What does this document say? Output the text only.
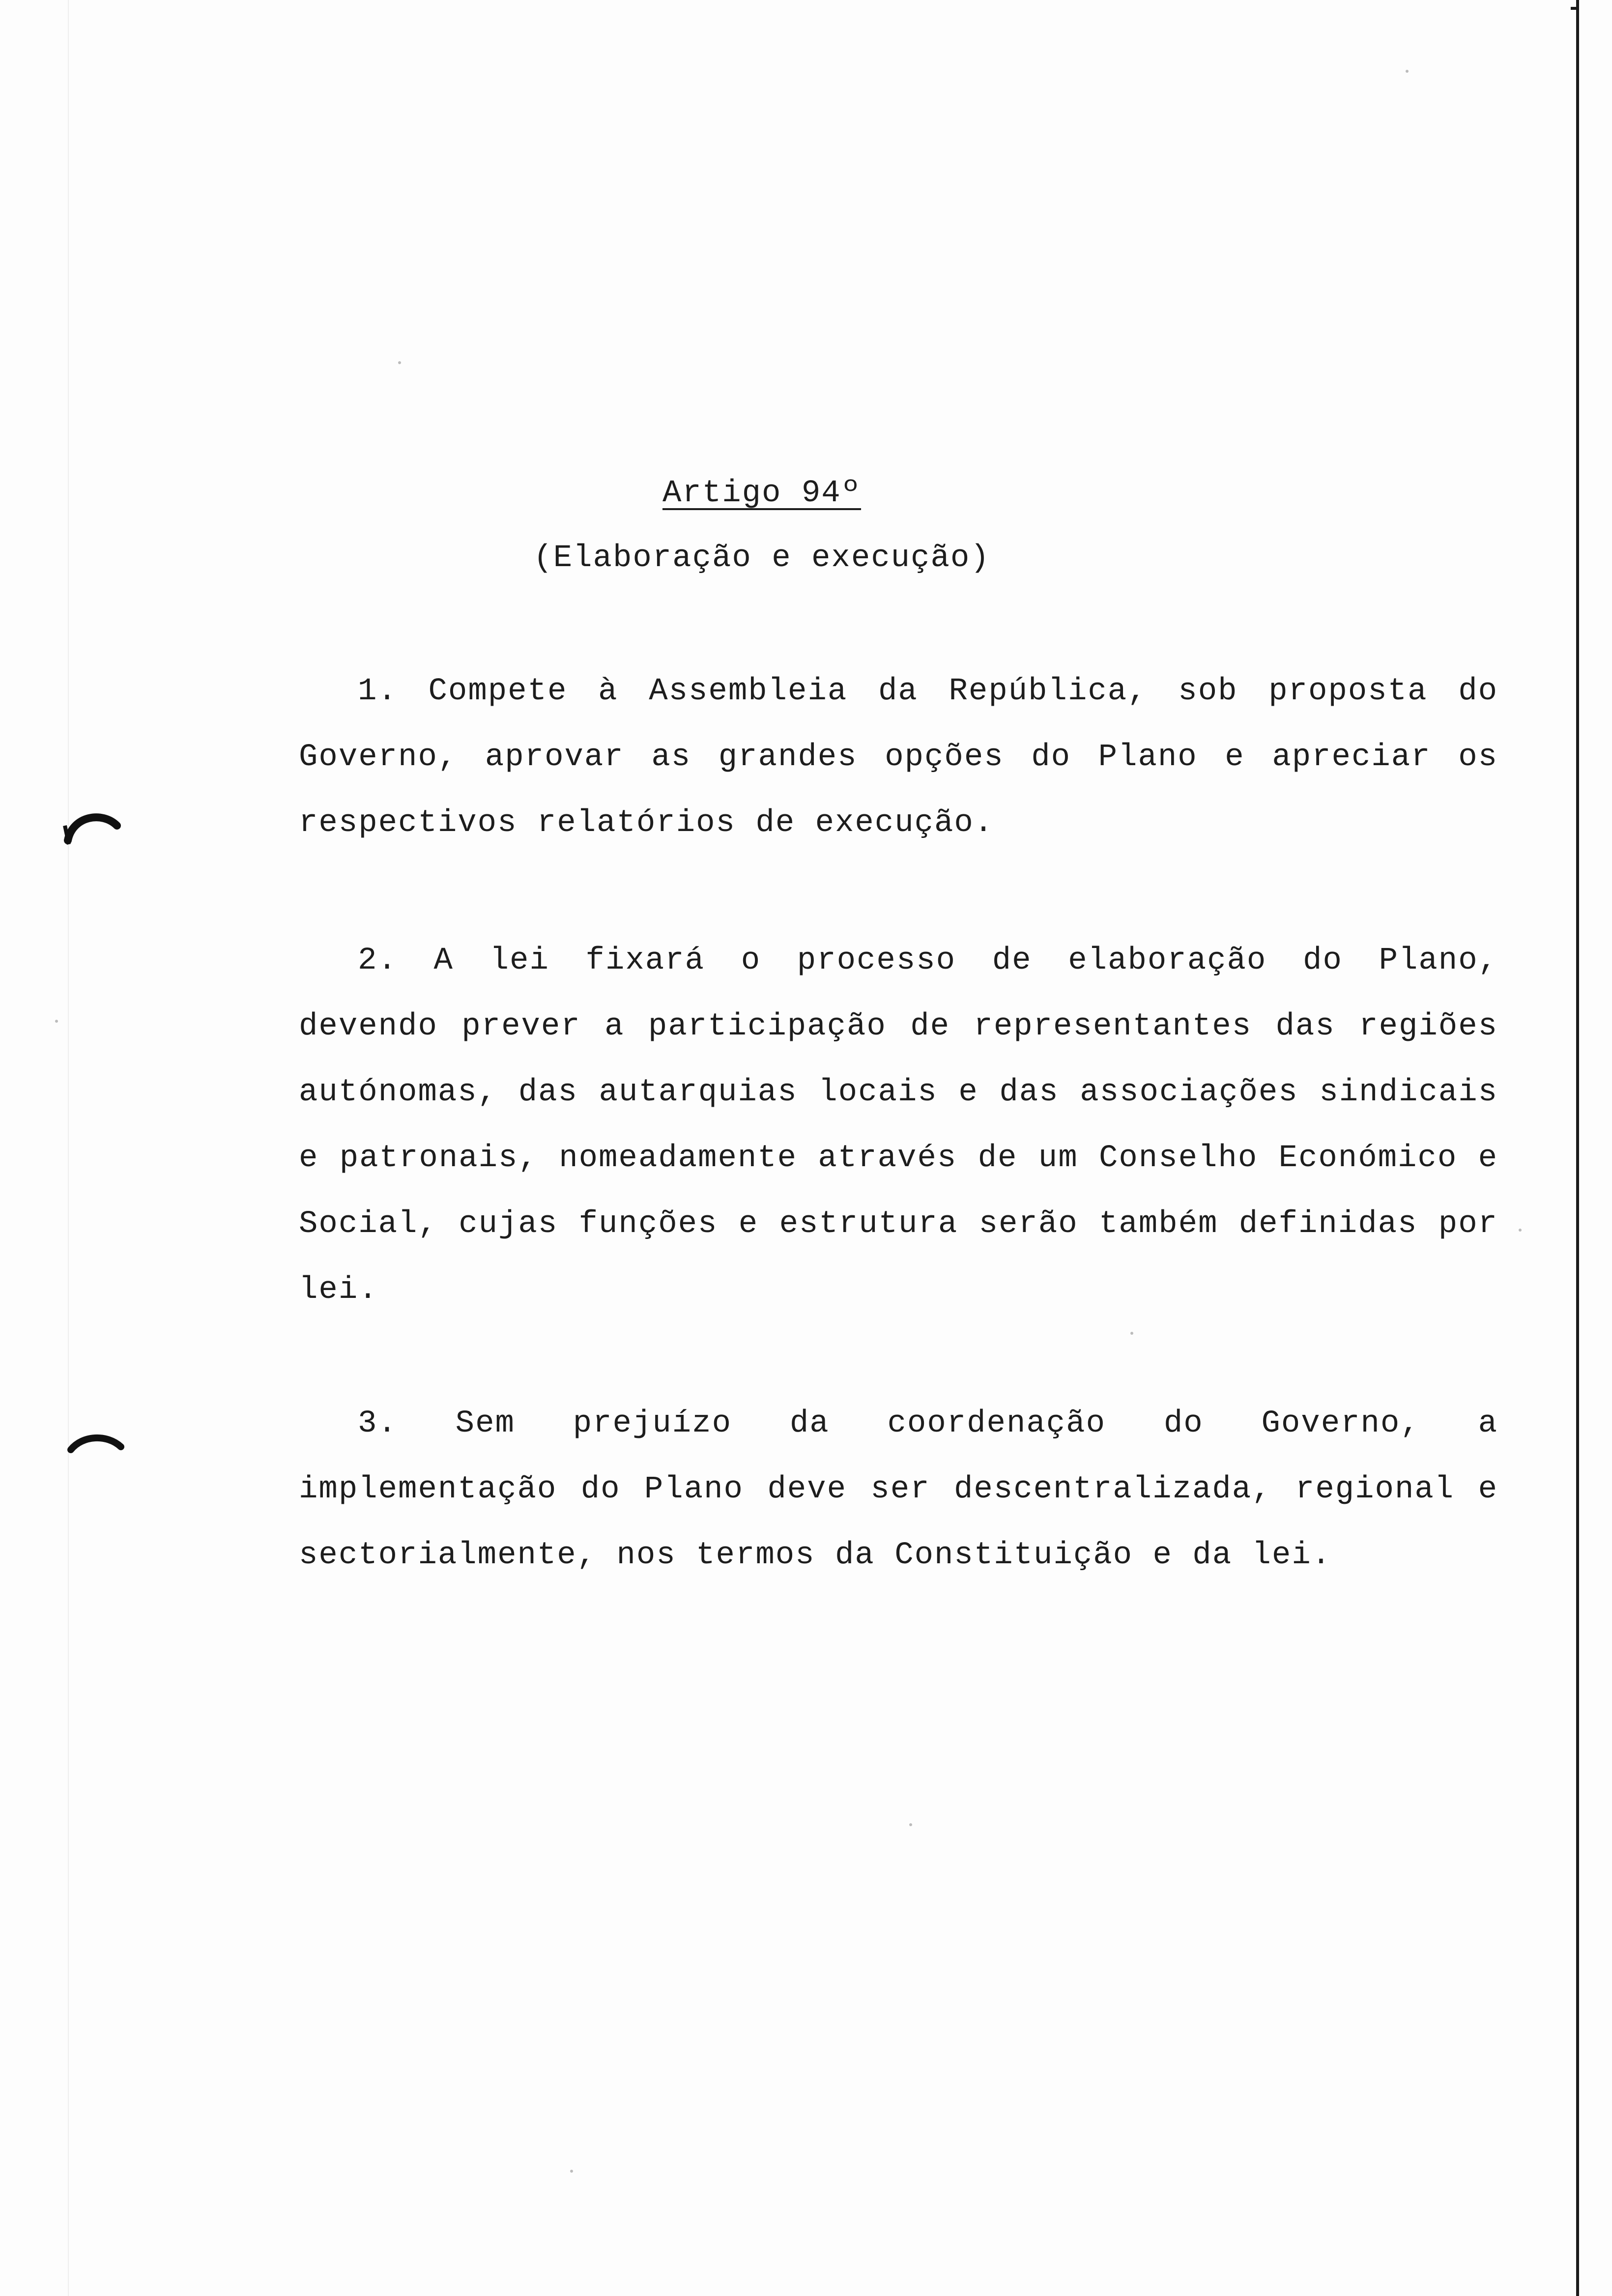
Artigo 94º
(Elaboração e execução)
1. Compete à Assembleia da República, sob proposta do Governo, aprovar as grandes opções do Plano e apreciar os respectivos relatórios de execução.
2. A lei fixará o processo de elaboração do Plano, devendo prever a participação de representantes das regiões autónomas, das autarquias locais e das associações sindicais e patronais, nomeadamente através de um Conselho Económico e Social, cujas funções e estrutura serão também definidas por lei.
3. Sem prejuízo da coordenação do Governo, a implementação do Plano deve ser descentralizada, regional e sectorialmente, nos termos da Constituição e da lei.
